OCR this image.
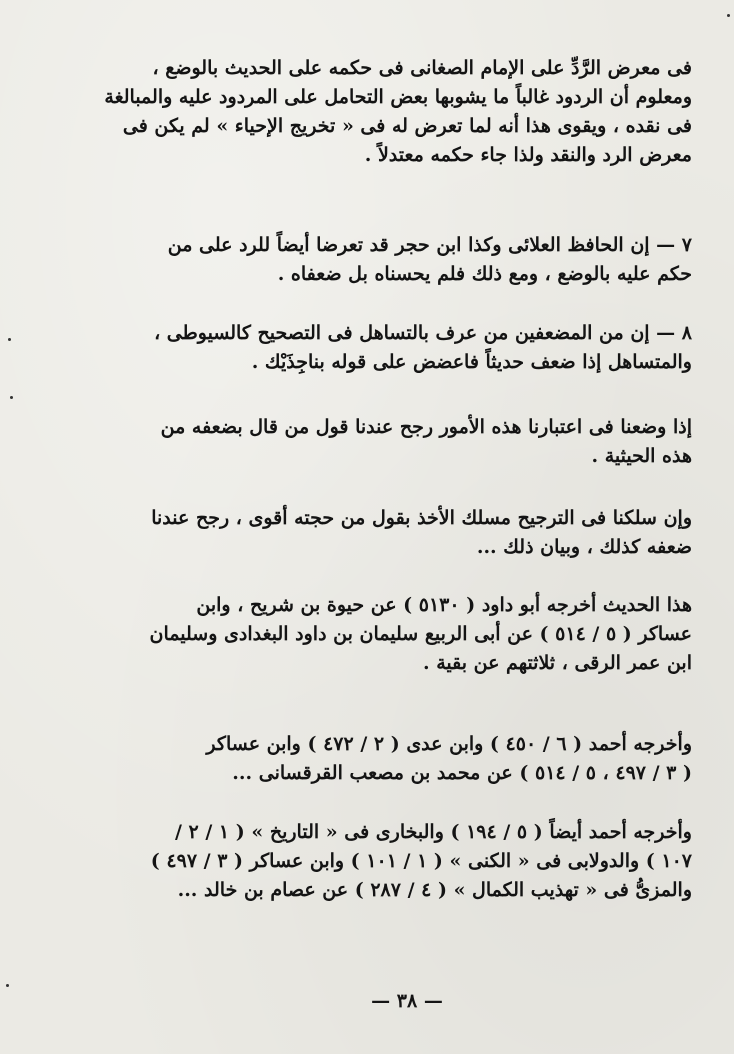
فى معرض الرَّدِّ على الإمام الصغانى فى حكمه على الحديث بالوضع ،
ومعلوم أن الردود غالباً ما يشوبها بعض التحامل على المردود عليه والمبالغة
فى نقده ، ويقوى هذا أنه لما تعرض له فى « تخريج الإحياء » لم يكن فى
معرض الرد والنقد ولذا جاء حكمه معتدلاً .

٧ — إن الحافظ العلائى وكذا ابن حجر قد تعرضا أيضاً للرد على من
حكم عليه بالوضع ، ومع ذلك فلم يحسناه بل ضعفاه .

٨ — إن من المضعفين من عرف بالتساهل فى التصحيح كالسيوطى ،
والمتساهل إذا ضعف حديثاً فاعضض على قوله بناجِذَيْك .

إذا وضعنا فى اعتبارنا هذه الأمور رجح عندنا قول من قال بضعفه من
هذه الحيثية .

وإن سلكنا فى الترجيح مسلك الأخذ بقول من حجته أقوى ، رجح عندنا
ضعفه كذلك ، وبيان ذلك ...

هذا الحديث أخرجه أبو داود ( ٥١٣٠ ) عن حيوة بن شريح ، وابن
عساكر ( ٥ / ٥١٤ ) عن أبى الربيع سليمان بن داود البغدادى وسليمان
ابن عمر الرقى ، ثلاثتهم عن بقية .

وأخرجه أحمد ( ٦ / ٤٥٠ ) وابن عدى ( ٢ / ٤٧٢ ) وابن عساكر
( ٣ / ٤٩٧ ، ٥ / ٥١٤ ) عن محمد بن مصعب القرقسانى ...

وأخرجه أحمد أيضاً ( ٥ / ١٩٤ ) والبخارى فى « التاريخ » ( ١ / ٢ /
١٠٧ ) والدولابى فى « الكنى » ( ١ / ١٠١ ) وابن عساكر ( ٣ / ٤٩٧ )
والمزىُّ فى « تهذيب الكمال » ( ٤ / ٢٨٧ ) عن عصام بن خالد ...

— ٣٨ —
